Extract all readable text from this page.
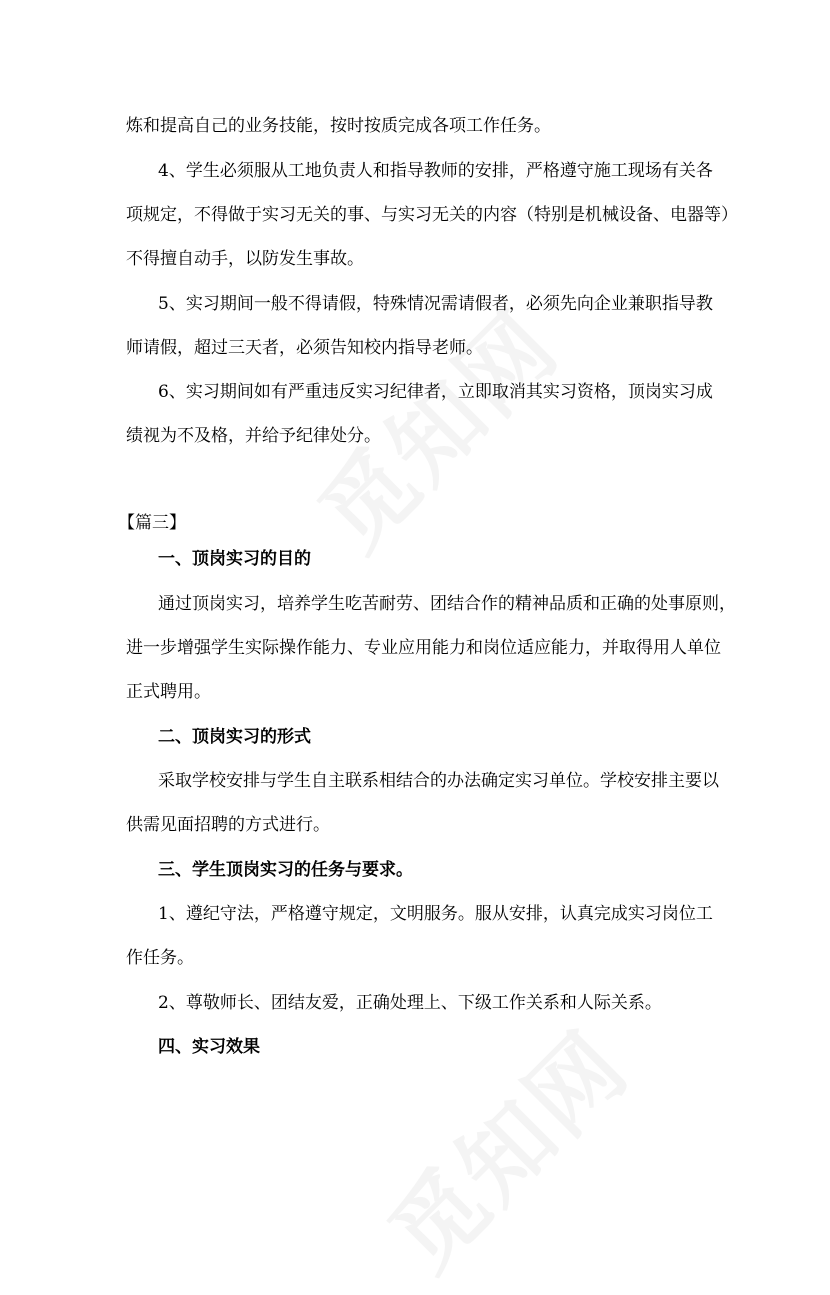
炼和提高自己的业务技能，按时按质完成各项工作任务。
4、学生必须服从工地负责人和指导教师的安排，严格遵守施工现场有关各
项规定，不得做于实习无关的事、与实习无关的内容（特别是机械设备、电器等）
不得擅自动手，以防发生事故。
5、实习期间一般不得请假，特殊情况需请假者，必须先向企业兼职指导教
师请假，超过三天者，必须告知校内指导老师。
6、实习期间如有严重违反实习纪律者，立即取消其实习资格，顶岗实习成
绩视为不及格，并给予纪律处分。
【篇三】
一、顶岗实习的目的
通过顶岗实习，培养学生吃苦耐劳、团结合作的精神品质和正确的处事原则，
进一步增强学生实际操作能力、专业应用能力和岗位适应能力，并取得用人单位
正式聘用。
二、顶岗实习的形式
采取学校安排与学生自主联系相结合的办法确定实习单位。学校安排主要以
供需见面招聘的方式进行。
三、学生顶岗实习的任务与要求。
1、遵纪守法，严格遵守规定，文明服务。服从安排，认真完成实习岗位工
作任务。
2、尊敬师长、团结友爱，正确处理上、下级工作关系和人际关系。
四、实习效果
